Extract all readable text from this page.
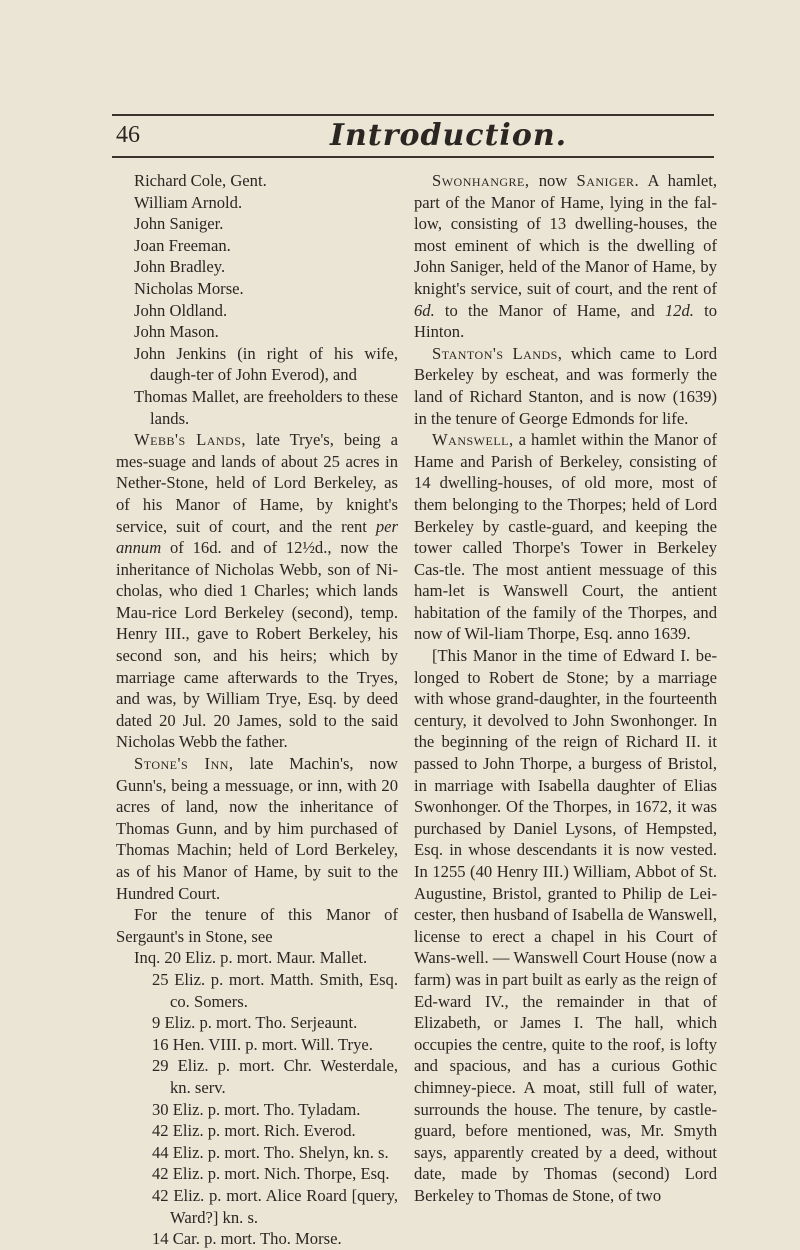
46	Introduction.

Richard Cole, Gent.

William Arnold.

John Saniger.

Joan Freeman.

John Bradley.

Nicholas Morse.

John Oldland.

John Mason.

John Jenkins (in right of his wife, daugh-ter of John Everod), and

Thomas Mallet, are freeholders to these lands.

Webb's Lands, late Trye's, being a mes-suage and lands of about 25 acres in Nether-Stone, held of Lord Berkeley, as of his Manor of Hame, by knight's service, suit of court, and the rent per annum of 16d. and of 12½d., now the inheritance of Nicholas Webb, son of Ni-cholas, who died 1 Charles; which lands Mau-rice Lord Berkeley (second), temp. Henry III., gave to Robert Berkeley, his second son, and his heirs; which by marriage came afterwards to the Tryes, and was, by William Trye, Esq. by deed dated 20 Jul. 20 James, sold to the said Nicholas Webb the father.

Stone's Inn, late Machin's, now Gunn's, being a messuage, or inn, with 20 acres of land, now the inheritance of Thomas Gunn, and by him purchased of Thomas Machin; held of Lord Berkeley, as of his Manor of Hame, by suit to the Hundred Court.

For the tenure of this Manor of Sergaunt's in Stone, see

Inq. 20 Eliz. p. mort. Maur. Mallet.

25 Eliz. p. mort. Matth. Smith, Esq. co. Somers.

9 Eliz. p. mort. Tho. Serjeaunt.

16 Hen. VIII. p. mort. Will. Trye.

29 Eliz. p. mort. Chr. Westerdale, kn. serv.

30 Eliz. p. mort. Tho. Tyladam.

42 Eliz. p. mort. Rich. Everod.

44 Eliz. p. mort. Tho. Shelyn, kn. s.

42 Eliz. p. mort. Nich. Thorpe, Esq.

42 Eliz. p. mort. Alice Roard [query, Ward?] kn. s.

14 Car. p. mort. Tho. Morse.

Swonhangre, now Saniger. A hamlet, part of the Manor of Hame, lying in the fal-low, consisting of 13 dwelling-houses, the most eminent of which is the dwelling of John Saniger, held of the Manor of Hame, by knight's service, suit of court, and the rent of 6d. to the Manor of Hame, and 12d. to Hinton.

Stanton's Lands, which came to Lord Berkeley by escheat, and was formerly the land of Richard Stanton, and is now (1639) in the tenure of George Edmonds for life.

Wanswell, a hamlet within the Manor of Hame and Parish of Berkeley, consisting of 14 dwelling-houses, of old more, most of them belonging to the Thorpes; held of Lord Berkeley by castle-guard, and keeping the tower called Thorpe's Tower in Berkeley Cas-tle. The most antient messuage of this ham-let is Wanswell Court, the antient habitation of the family of the Thorpes, and now of Wil-liam Thorpe, Esq. anno 1639.

[This Manor in the time of Edward I. be-longed to Robert de Stone; by a marriage with whose grand-daughter, in the fourteenth century, it devolved to John Swonhonger. In the beginning of the reign of Richard II. it passed to John Thorpe, a burgess of Bristol, in marriage with Isabella daughter of Elias Swonhonger. Of the Thorpes, in 1672, it was purchased by Daniel Lysons, of Hempsted, Esq. in whose descendants it is now vested. In 1255 (40 Henry III.) William, Abbot of St. Augustine, Bristol, granted to Philip de Lei-cester, then husband of Isabella de Wanswell, license to erect a chapel in his Court of Wans-well. — Wanswell Court House (now a farm) was in part built as early as the reign of Ed-ward IV., the remainder in that of Elizabeth, or James I. The hall, which occupies the centre, quite to the roof, is lofty and spacious, and has a curious Gothic chimney-piece. A moat, still full of water, surrounds the house. The tenure, by castle-guard, before mentioned, was, Mr. Smyth says, apparently created by a deed, without date, made by Thomas (second) Lord Berkeley to Thomas de Stone, of two
